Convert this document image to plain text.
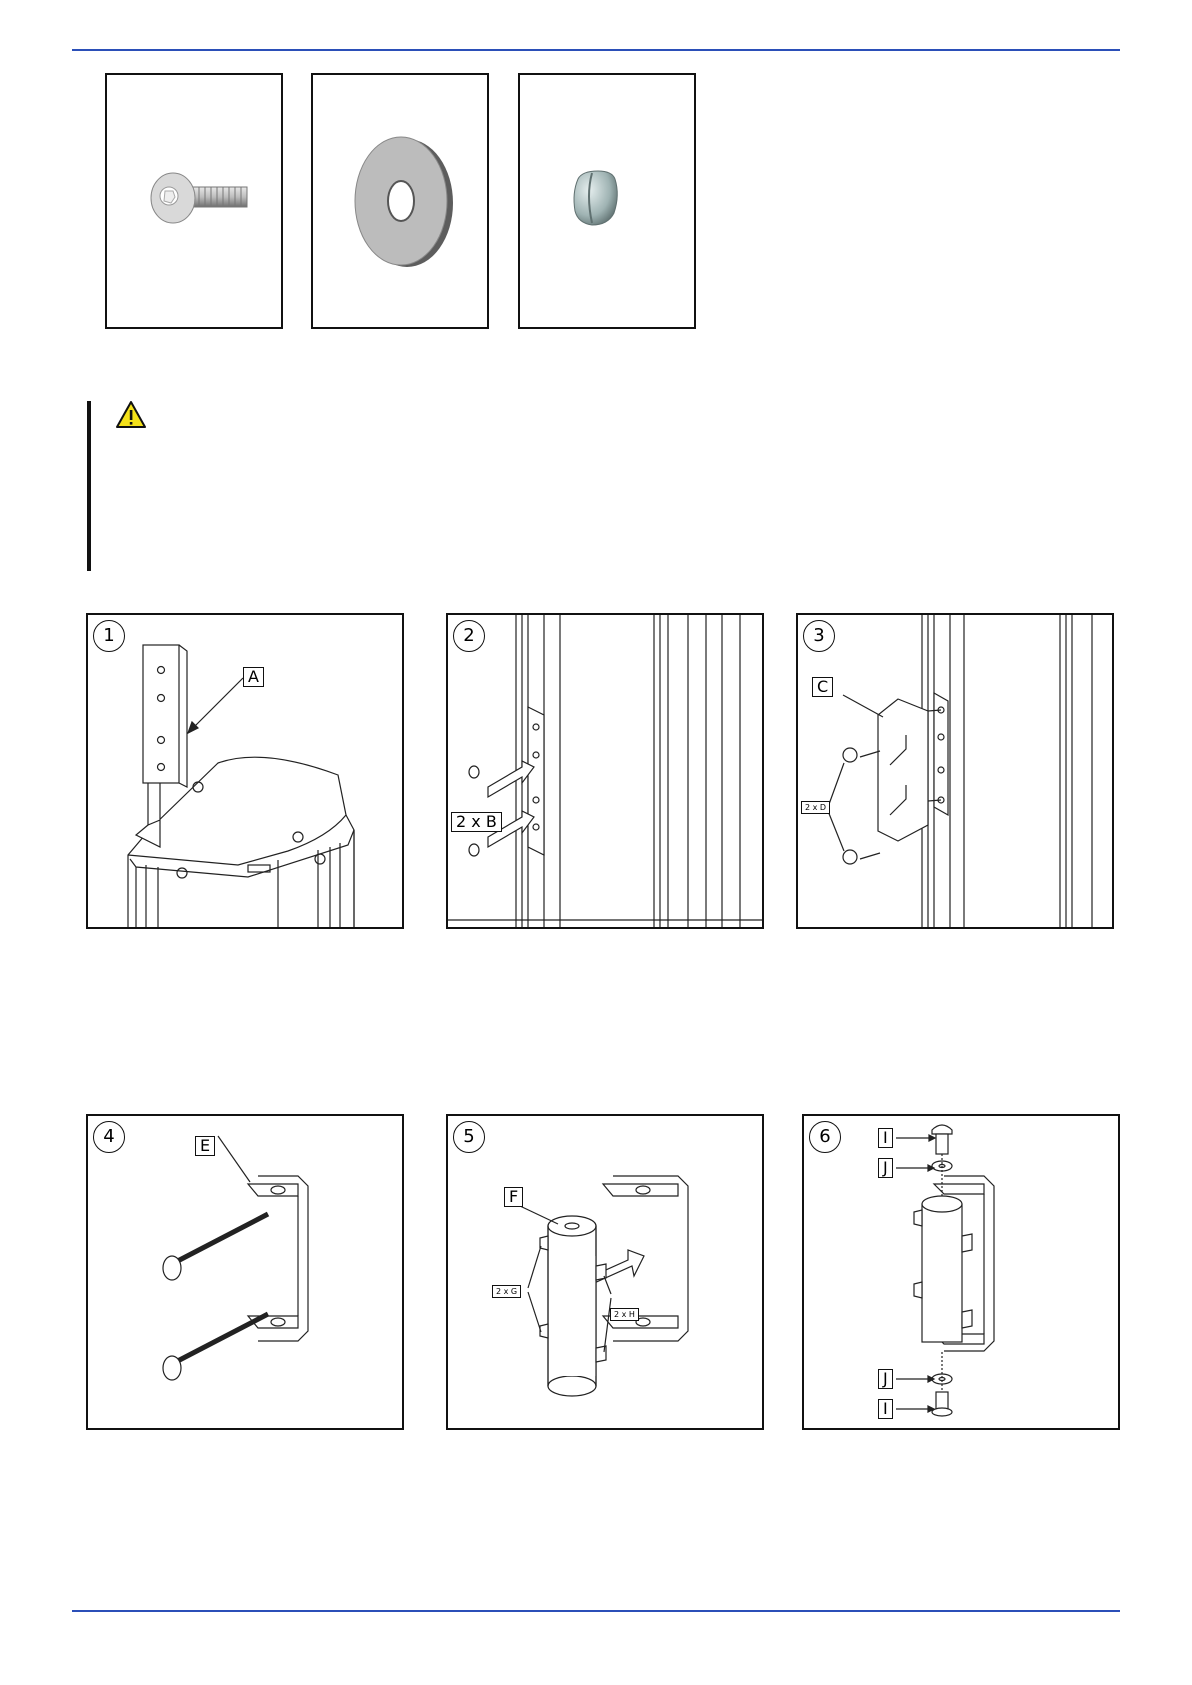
1
A
2
2 x B
3
C
2 x D
4	E	5
F
2 x G
2 x H
6	I
J
J
I
